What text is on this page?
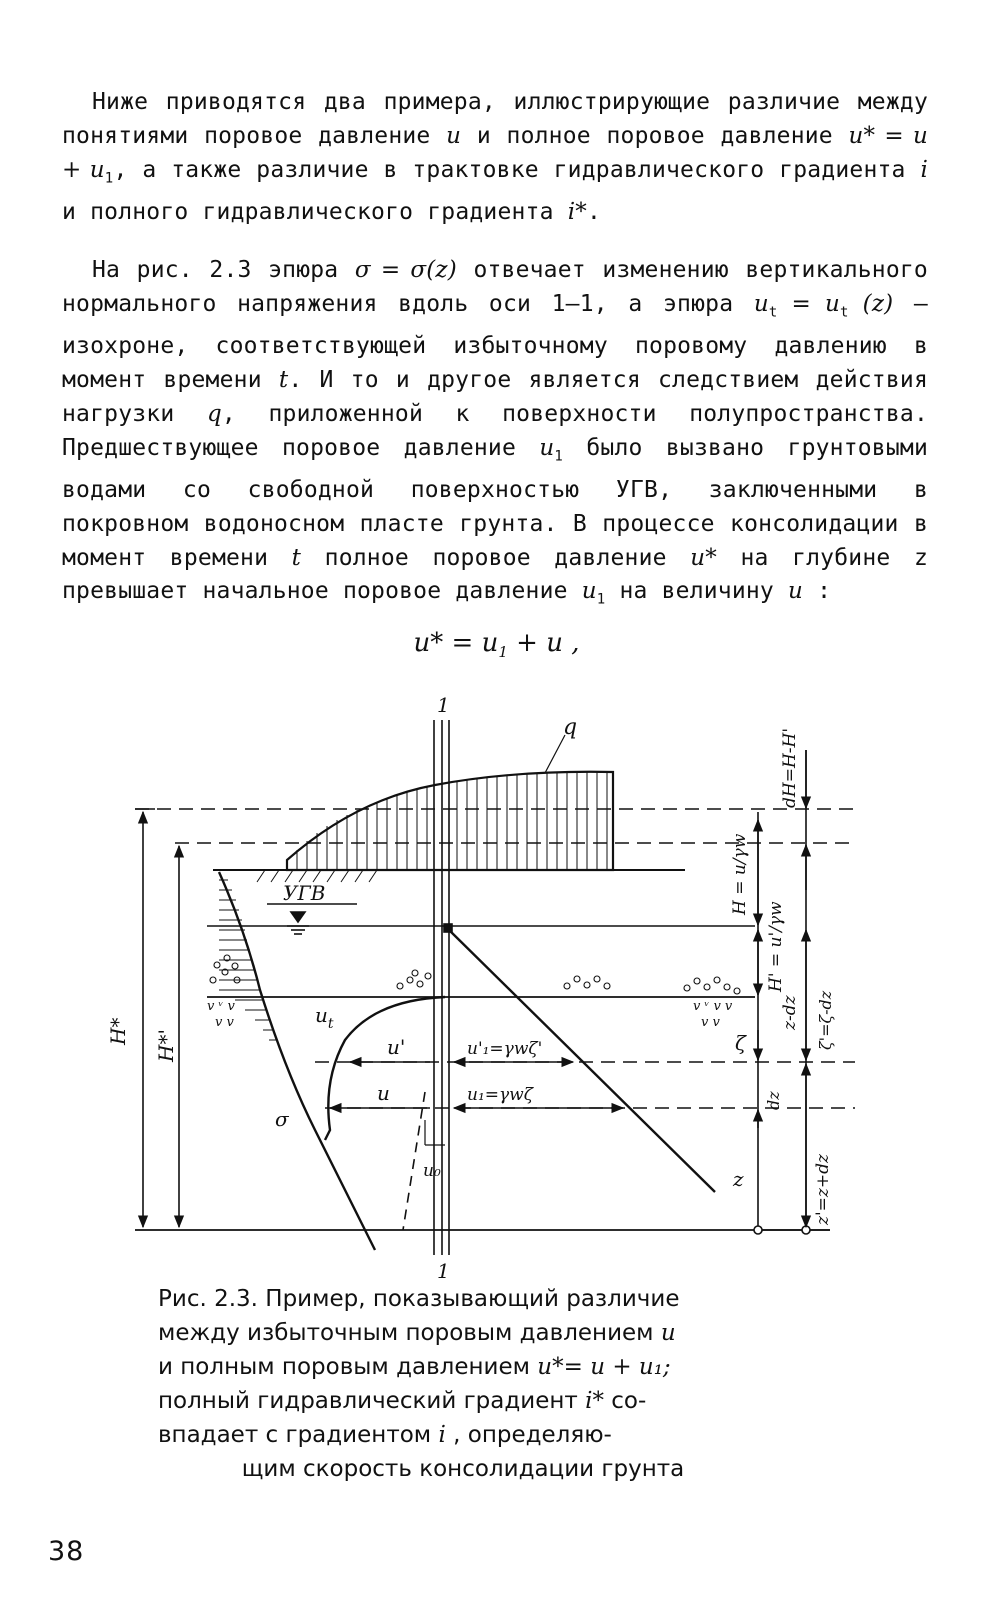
Ниже приводятся два примера, иллюстрирующие различие между понятиями поровое давление u и полное поровое давление $u* = u + u_1$, а также различие в трактовке гидравлического градиента i и полного гидравлического градиента i*.

На рис. 2.3 эпюра σ = σ(z) отвечает изменению вертикального нормального напряжения вдоль оси 1–1, а эпюра $u_t = u_t$ (z) — изохроне, соответствующей избыточному поровому давлению в момент времени t. И то и другое является следствием действия нагрузки q, приложенной к поверхности полупространства. Предшествующее поровое давление $u_1$ было вызвано грунтовыми водами со свободной поверхностью УГВ, заключенными в покровном водоносном пласте грунта. В процессе консолидации в момент времени t полное поровое давление u* на глубине z превышает начальное поровое давление $u_1$ на величину u :

$u* = u_1 + u$ ,
v ᵛ v
v v
v ᵛ v v
v v
1
1
q
УГВ
$u_t$
u'	u'₁=γwζ'
u	u₁=γwζ
u₀
σ
z
ζ
H* H*'
H = u/γw
H' = u'/γw
dH=H-H'
z-dz ζ'=ζ-dz
dz
z'=z+dz

Рис. 2.3. Пример, показывающий различие
между избыточным поровым давлением u
и полным поровым давлением u*= u + u₁;
полный гидравлический градиент i* со-
впадает с градиентом i , определяю-
щим скорость консолидации грунта

38
